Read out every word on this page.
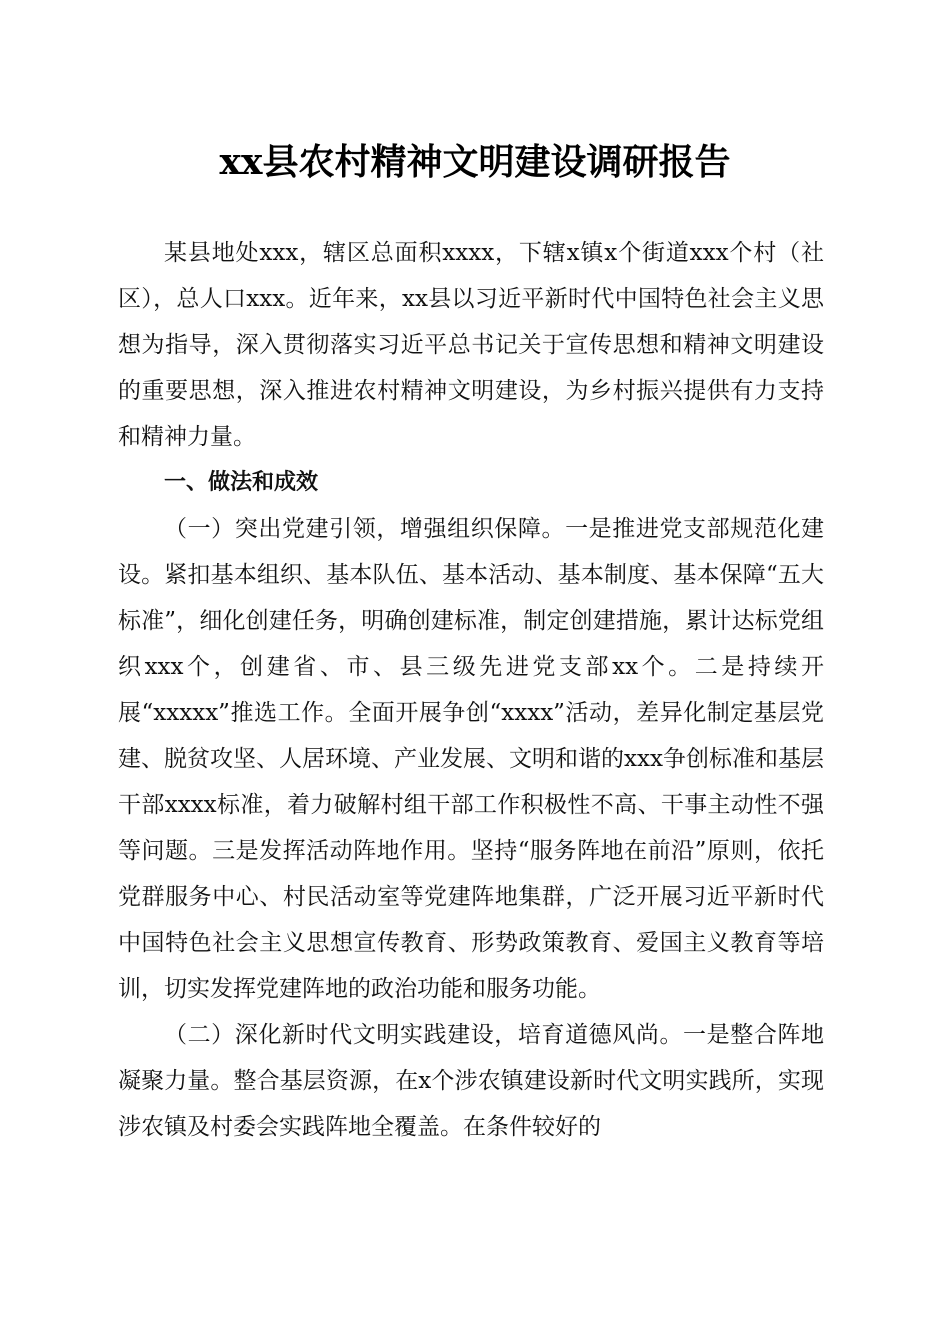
xx县农村精神文明建设调研报告

某县地处xxx，辖区总面积xxxx，下辖x镇x个街道xxx个村（社区），总人口xxx。近年来，xx县以习近平新时代中国特色社会主义思想为指导，深入贯彻落实习近平总书记关于宣传思想和精神文明建设的重要思想，深入推进农村精神文明建设，为乡村振兴提供有力支持和精神力量。

一、做法和成效

（一）突出党建引领，增强组织保障。一是推进党支部规范化建设。紧扣基本组织、基本队伍、基本活动、基本制度、基本保障“五大标准”，细化创建任务，明确创建标准，制定创建措施，累计达标党组织xxx个，创建省、市、县三级先进党支部xx个。二是持续开展“xxxxx”推选工作。全面开展争创“xxxx”活动，差异化制定基层党建、脱贫攻坚、人居环境、产业发展、文明和谐的xxx争创标准和基层干部xxxx标准，着力破解村组干部工作积极性不高、干事主动性不强等问题。三是发挥活动阵地作用。坚持“服务阵地在前沿”原则，依托党群服务中心、村民活动室等党建阵地集群，广泛开展习近平新时代中国特色社会主义思想宣传教育、形势政策教育、爱国主义教育等培训，切实发挥党建阵地的政治功能和服务功能。

（二）深化新时代文明实践建设，培育道德风尚。一是整合阵地凝聚力量。整合基层资源，在x个涉农镇建设新时代文明实践所，实现涉农镇及村委会实践阵地全覆盖。在条件较好的
